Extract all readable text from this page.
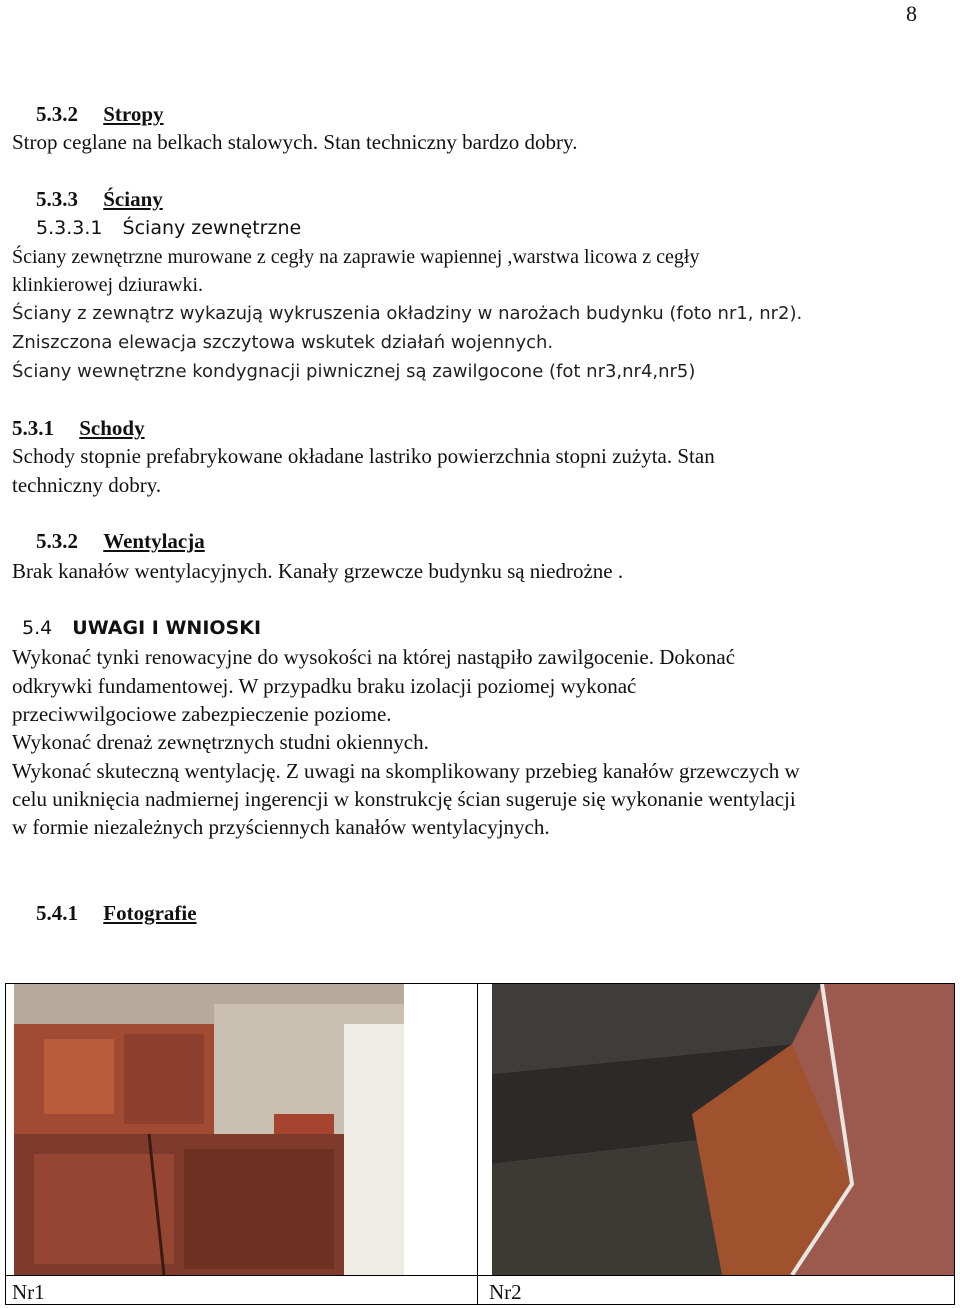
8
5.3.2 Stropy
Strop ceglane na belkach stalowych. Stan techniczny bardzo dobry.
5.3.3 Ściany
5.3.3.1 Ściany zewnętrzne
Ściany zewnętrzne murowane z cegły na zaprawie wapiennej ,warstwa licowa z cegły
klinkierowej dziurawki.
Ściany z zewnątrz wykazują wykruszenia okładziny w narożach budynku (foto nr1, nr2).
Zniszczona elewacja szczytowa wskutek działań wojennych.
Ściany wewnętrzne kondygnacji piwnicznej są zawilgocone (fot nr3,nr4,nr5)
5.3.1 Schody
Schody stopnie prefabrykowane okładane lastriko powierzchnia stopni zużyta. Stan
techniczny dobry.
5.3.2 Wentylacja
Brak kanałów wentylacyjnych. Kanały grzewcze budynku są niedrożne .
5.4 UWAGI I WNIOSKI
Wykonać tynki renowacyjne do wysokości na której nastąpiło zawilgocenie. Dokonać
odkrywki fundamentowej. W przypadku braku izolacji poziomej wykonać
przeciwwilgociowe zabezpieczenie poziome.
Wykonać drenaż zewnętrznych studni okiennych.
Wykonać skuteczną wentylację. Z uwagi na skomplikowany przebieg kanałów grzewczych w
celu uniknięcia nadmiernej ingerencji w konstrukcję ścian sugeruje się wykonanie wentylacji
w formie niezależnych przyściennych kanałów wentylacyjnych.
5.4.1 Fotografie
Nr1	Nr2
